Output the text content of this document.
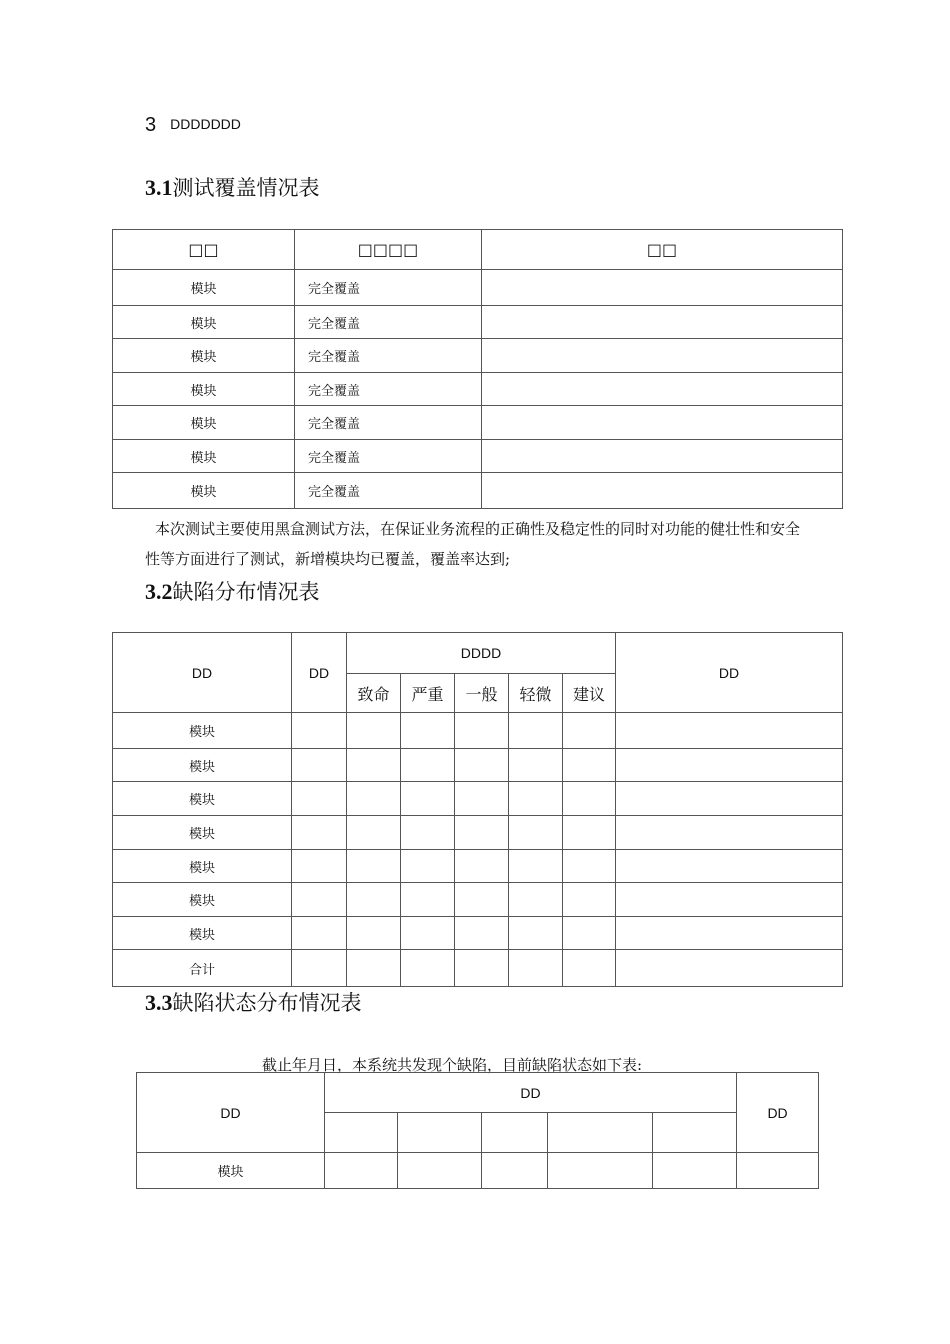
3 DDDDDDD
3.1测试覆盖情况表
□□	□□□□	□□
模块	完全覆盖	
模块	完全覆盖	
模块	完全覆盖	
模块	完全覆盖	
模块	完全覆盖	
模块	完全覆盖	
模块	完全覆盖	

本次测试主要使用黑盒测试方法，在保证业务流程的正确性及稳定性的同时对功能的健壮性和安全性等方面进行了测试，新增模块均已覆盖，覆盖率达到;

3.2缺陷分布情况表
DD	DD	DDDD					DD
		致命	严重	一般	轻微	建议	
模块							
模块							
模块							
模块							
模块							
模块							
模块							
合计							
3.3缺陷状态分布情况表
截止年月日，本系统共发现个缺陷，目前缺陷状态如下表:
DD	DD					DD

模块						
